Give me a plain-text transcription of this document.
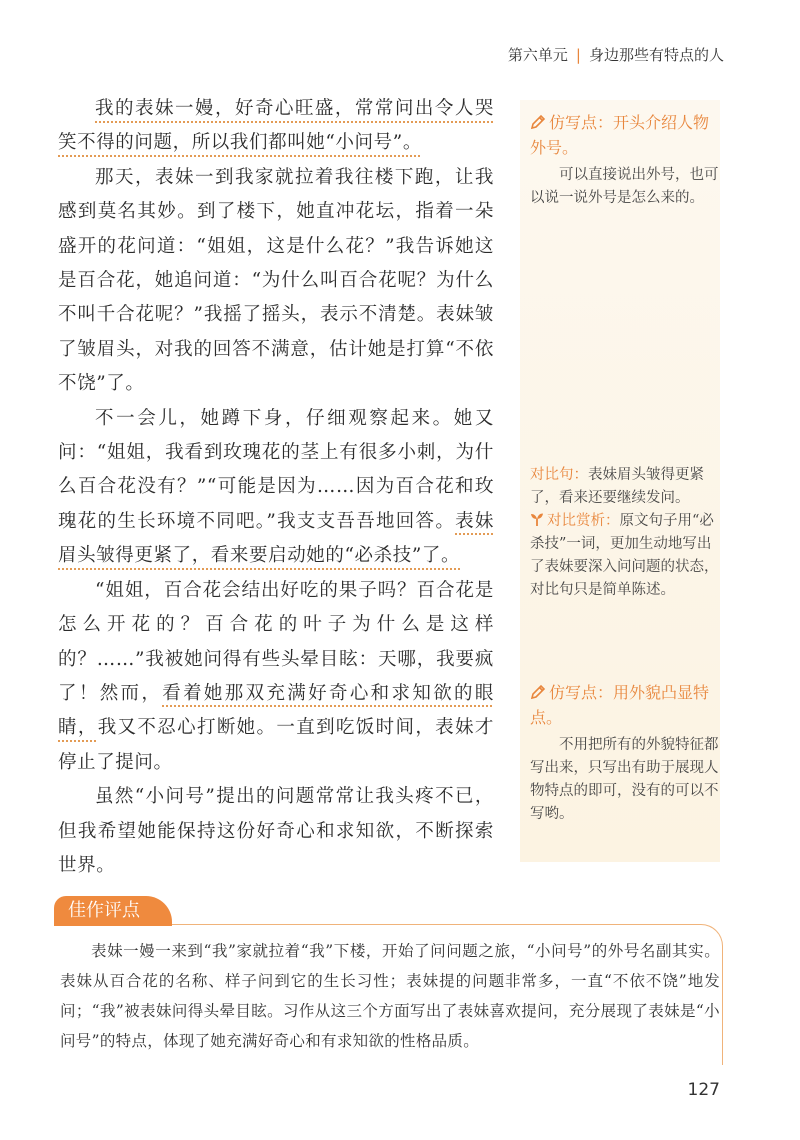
第六单元 | 身边那些有特点的人

我的表妹一嫚，好奇心旺盛，常常问出令人哭笑不得的问题，所以我们都叫她“小问号”。

那天，表妹一到我家就拉着我往楼下跑，让我感到莫名其妙。到了楼下，她直冲花坛，指着一朵盛开的花问道：“姐姐，这是什么花？”我告诉她这是百合花，她追问道：“为什么叫百合花呢？为什么不叫千合花呢？”我摇了摇头，表示不清楚。表妹皱了皱眉头，对我的回答不满意，估计她是打算“不依不饶”了。

不一会儿，她蹲下身，仔细观察起来。她又问：“姐姐，我看到玫瑰花的茎上有很多小刺，为什么百合花没有？”“可能是因为……因为百合花和玫瑰花的生长环境不同吧。”我支支吾吾地回答。表妹眉头皱得更紧了，看来要启动她的“必杀技”了。

“姐姐，百合花会结出好吃的果子吗？百合花是怎么开花的？百合花的叶子为什么是这样的？……”我被她问得有些头晕目眩：天哪，我要疯了！然而，看着她那双充满好奇心和求知欲的眼睛，我又不忍心打断她。一直到吃饭时间，表妹才停止了提问。

虽然“小问号”提出的问题常常让我头疼不已，但我希望她能保持这份好奇心和求知欲，不断探索世界。

仿写点：开头介绍人物外号。
可以直接说出外号，也可以说一说外号是怎么来的。
对比句：表妹眉头皱得更紧了，看来还要继续发问。
对比赏析：原文句子用“必杀技”一词，更加生动地写出了表妹要深入问问题的状态，对比句只是简单陈述。
仿写点：用外貌凸显特点。
不用把所有的外貌特征都写出来，只写出有助于展现人物特点的即可，没有的可以不写哟。
佳作评点
表妹一嫚一来到“我”家就拉着“我”下楼，开始了问问题之旅，“小问号”的外号名副其实。表妹从百合花的名称、样子问到它的生长习性；表妹提的问题非常多，一直“不依不饶”地发问；“我”被表妹问得头晕目眩。习作从这三个方面写出了表妹喜欢提问，充分展现了表妹是“小问号”的特点，体现了她充满好奇心和有求知欲的性格品质。
127
